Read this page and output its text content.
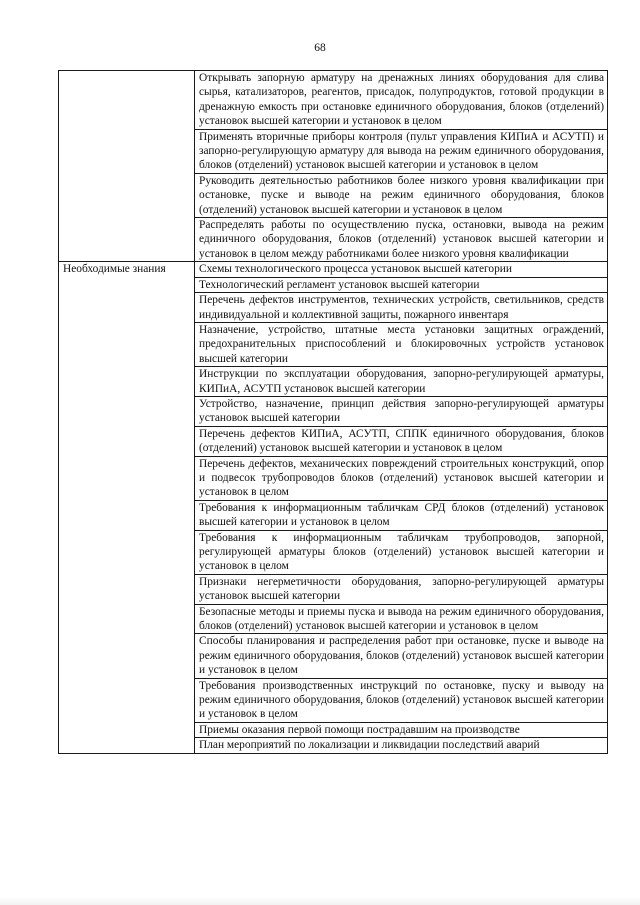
68
	Открывать запорную арматуру на дренажных линиях оборудования для слива сырья, катализаторов, реагентов, присадок, полупродуктов, готовой продукции в дренажную емкость при остановке единичного оборудования, блоков (отделений) установок высшей категории и установок в целом
	Применять вторичные приборы контроля (пульт управления КИПиА и АСУТП) и запорно-регулирующую арматуру для вывода на режим единичного оборудования, блоков (отделений) установок высшей категории и установок в целом
	Руководить деятельностью работников более низкого уровня квалификации при остановке, пуске и выводе на режим единичного оборудования, блоков (отделений) установок высшей категории и установок в целом
	Распределять работы по осуществлению пуска, остановки, вывода на режим единичного оборудования, блоков (отделений) установок высшей категории и установок в целом между работниками более низкого уровня квалификации
Необходимые знания	Схемы технологического процесса установок высшей категории
	Технологический регламент установок высшей категории
	Перечень дефектов инструментов, технических устройств, светильников, средств индивидуальной и коллективной защиты, пожарного инвентаря
	Назначение, устройство, штатные места установки защитных ограждений, предохранительных приспособлений и блокировочных устройств установок высшей категории
	Инструкции по эксплуатации оборудования, запорно-регулирующей арматуры, КИПиА, АСУТП установок высшей категории
	Устройство, назначение, принцип действия запорно-регулирующей арматуры установок высшей категории
	Перечень дефектов КИПиА, АСУТП, СППК единичного оборудования, блоков (отделений) установок высшей категории и установок в целом
	Перечень дефектов, механических повреждений строительных конструкций, опор и подвесок трубопроводов блоков (отделений) установок высшей категории и установок в целом
	Требования к информационным табличкам СРД блоков (отделений) установок высшей категории и установок в целом
	Требования к информационным табличкам трубопроводов, запорной, регулирующей арматуры блоков (отделений) установок высшей категории и установок в целом
	Признаки негерметичности оборудования, запорно-регулирующей арматуры установок высшей категории
	Безопасные методы и приемы пуска и вывода на режим единичного оборудования, блоков (отделений) установок высшей категории и установок в целом
	Способы планирования и распределения работ при остановке, пуске и выводе на режим единичного оборудования, блоков (отделений) установок высшей категории и установок в целом
	Требования производственных инструкций по остановке, пуску и выводу на режим единичного оборудования, блоков (отделений) установок высшей категории и установок в целом
	Приемы оказания первой помощи пострадавшим на производстве
	План мероприятий по локализации и ликвидации последствий аварий
